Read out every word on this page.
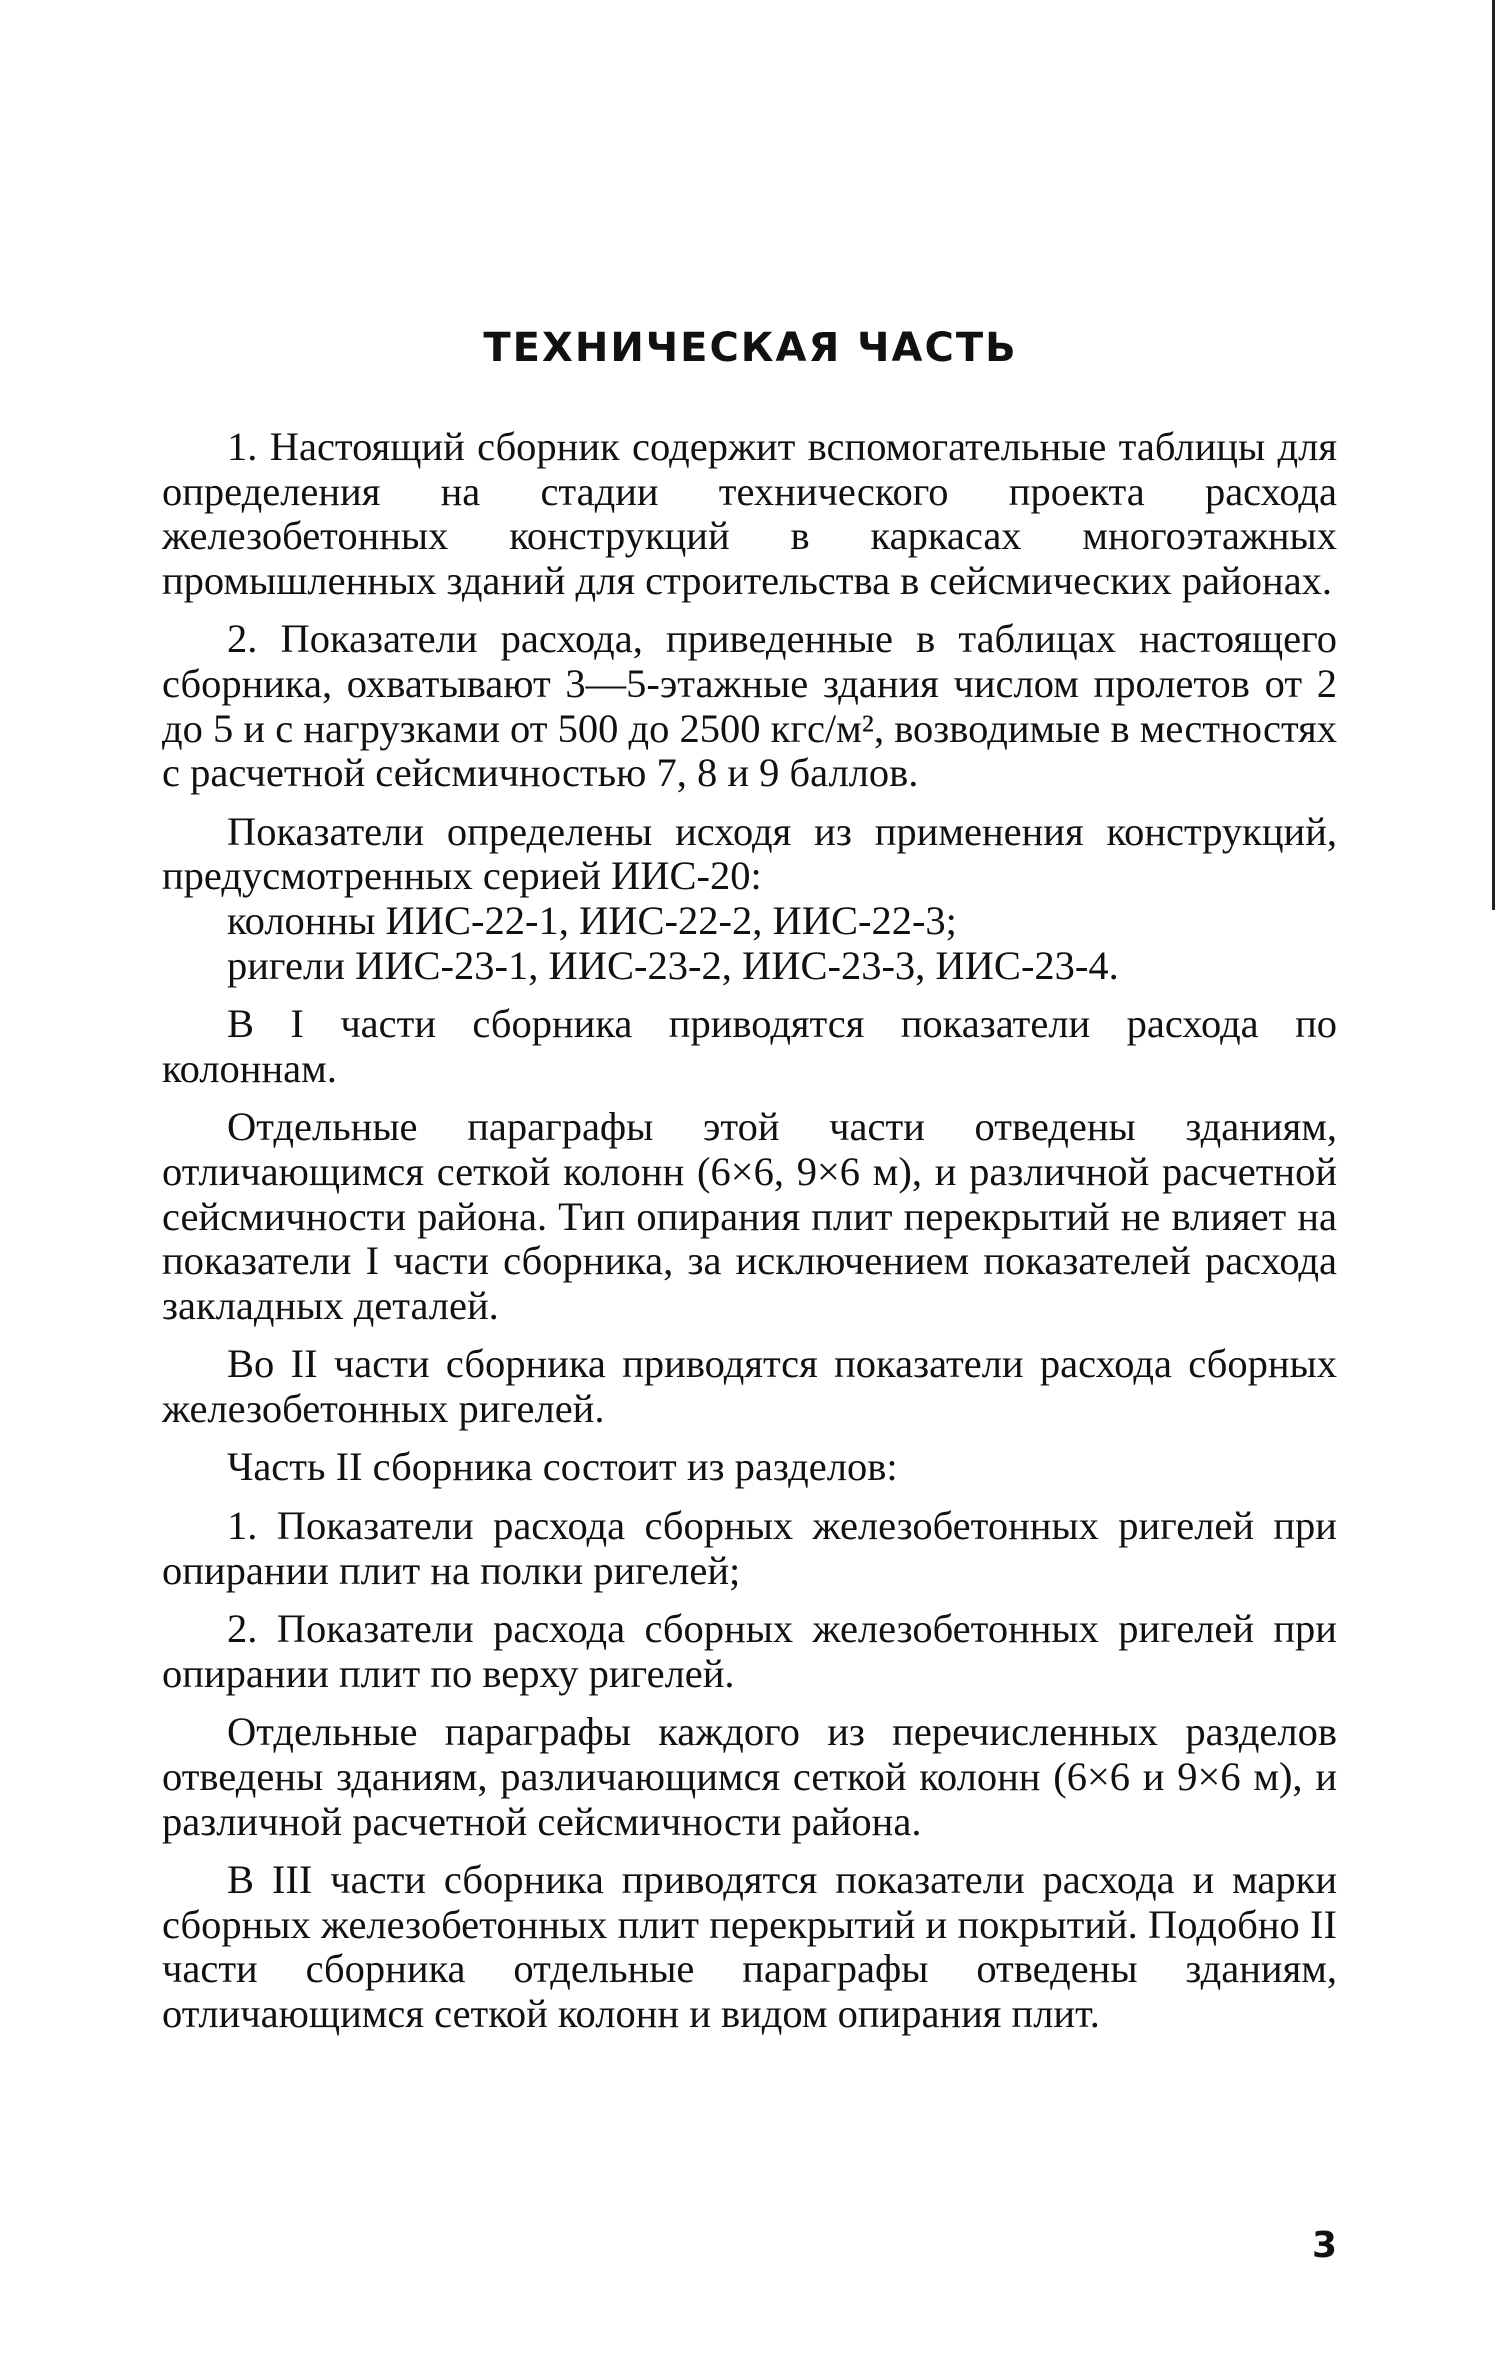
ТЕХНИЧЕСКАЯ ЧАСТЬ

1. Настоящий сборник содержит вспомогательные таблицы для определения на стадии технического проекта расхода железобетонных конструкций в каркасах многоэтажных промышленных зданий для строительства в сейсмических районах.

2. Показатели расхода, приведенные в таблицах настоящего сборника, охватывают 3—5-этажные здания числом пролетов от 2 до 5 и с нагрузками от 500 до 2500 кгс/м², возводимые в местностях с расчетной сейсмичностью 7, 8 и 9 баллов.

Показатели определены исходя из применения конструкций, предусмотренных серией ИИС-20:

колонны ИИС-22-1, ИИС-22-2, ИИС-22-3;

ригели ИИС-23-1, ИИС-23-2, ИИС-23-3, ИИС-23-4.

В I части сборника приводятся показатели расхода по колоннам.

Отдельные параграфы этой части отведены зданиям, отличающимся сеткой колонн (6×6, 9×6 м), и различной расчетной сейсмичности района. Тип опирания плит перекрытий не влияет на показатели I части сборника, за исключением показателей расхода закладных деталей.

Во II части сборника приводятся показатели расхода сборных железобетонных ригелей.

Часть II сборника состоит из разделов:

1. Показатели расхода сборных железобетонных ригелей при опирании плит на полки ригелей;

2. Показатели расхода сборных железобетонных ригелей при опирании плит по верху ригелей.

Отдельные параграфы каждого из перечисленных разделов отведены зданиям, различающимся сеткой колонн (6×6 и 9×6 м), и различной расчетной сейсмичности района.

В III части сборника приводятся показатели расхода и марки сборных железобетонных плит перекрытий и покрытий. Подобно II части сборника отдельные параграфы отведены зданиям, отличающимся сеткой колонн и видом опирания плит.

3
